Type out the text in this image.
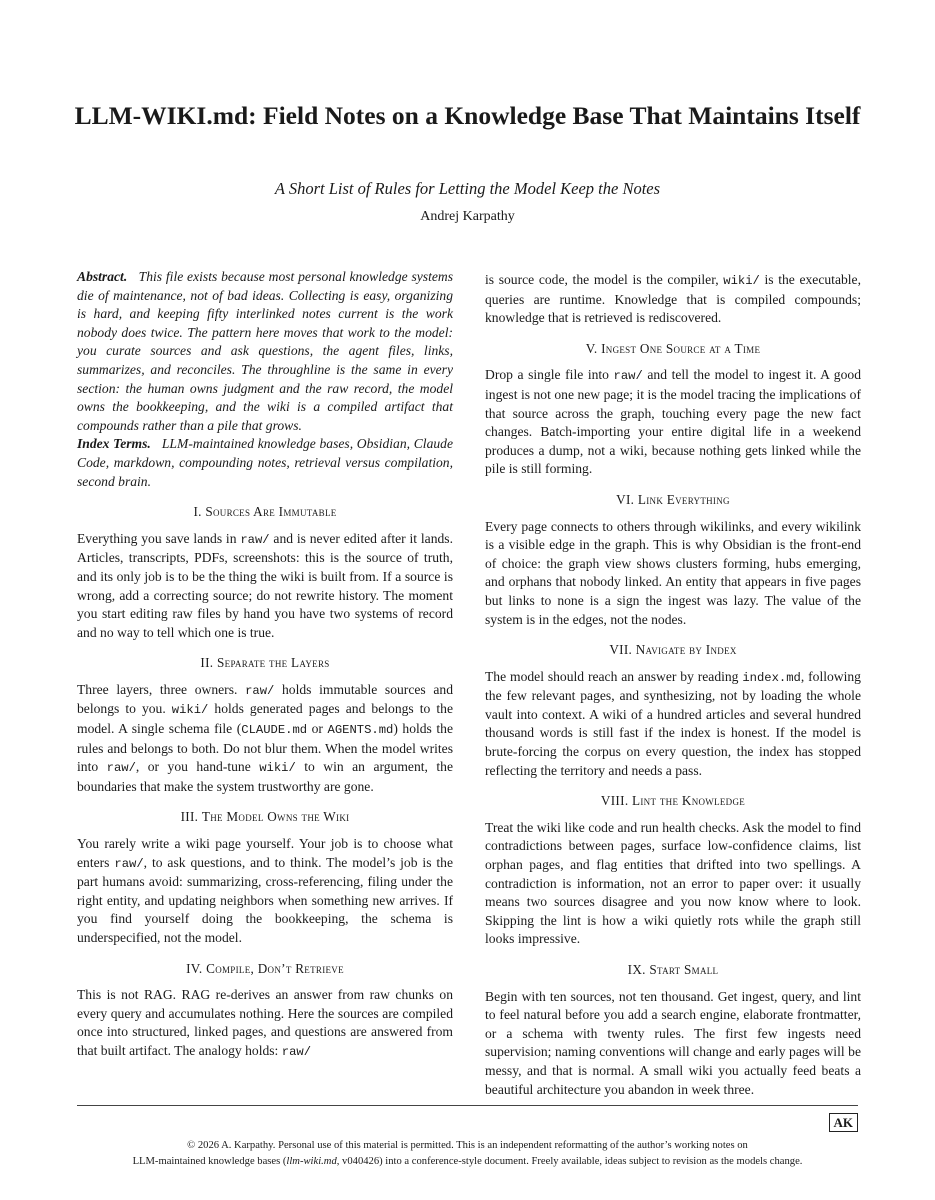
LLM-WIKI.md: Field Notes on a Knowledge Base That Maintains Itself
A Short List of Rules for Letting the Model Keep the Notes
Andrej Karpathy

Abstract. This file exists because most personal knowledge systems die of maintenance, not of bad ideas. Collecting is easy, organizing is hard, and keeping fifty interlinked notes current is the work nobody does twice. The pattern here moves that work to the model: you curate sources and ask questions, the agent files, links, summarizes, and reconciles. The throughline is the same in every section: the human owns judgment and the raw record, the model owns the bookkeeping, and the wiki is a compiled artifact that compounds rather than a pile that grows.

Index Terms. LLM-maintained knowledge bases, Obsidian, Claude Code, markdown, compounding notes, retrieval versus compilation, second brain.

I. Sources Are Immutable

Everything you save lands in raw/ and is never edited after it lands. Articles, transcripts, PDFs, screenshots: this is the source of truth, and its only job is to be the thing the wiki is built from. If a source is wrong, add a correcting source; do not rewrite history. The moment you start editing raw files by hand you have two systems of record and no way to tell which one is true.

II. Separate the Layers

Three layers, three owners. raw/ holds immutable sources and belongs to you. wiki/ holds generated pages and belongs to the model. A single schema file (CLAUDE.md or AGENTS.md) holds the rules and belongs to both. Do not blur them. When the model writes into raw/, or you hand-tune wiki/ to win an argument, the boundaries that make the system trustworthy are gone.

III. The Model Owns the Wiki

You rarely write a wiki page yourself. Your job is to choose what enters raw/, to ask questions, and to think. The model’s job is the part humans avoid: summarizing, cross-referencing, filing under the right entity, and updating neighbors when something new arrives. If you find yourself doing the bookkeeping, the schema is underspecified, not the model.

IV. Compile, Don’t Retrieve

This is not RAG. RAG re-derives an answer from raw chunks on every query and accumulates nothing. Here the sources are compiled once into structured, linked pages, and questions are answered from that built artifact. The analogy holds: raw/

is source code, the model is the compiler, wiki/ is the executable, queries are runtime. Knowledge that is compiled compounds; knowledge that is retrieved is rediscovered.

V. Ingest One Source at a Time

Drop a single file into raw/ and tell the model to ingest it. A good ingest is not one new page; it is the model tracing the implications of that source across the graph, touching every page the new fact changes. Batch-importing your entire digital life in a weekend produces a dump, not a wiki, because nothing gets linked while the pile is still forming.

VI. Link Everything

Every page connects to others through wikilinks, and every wikilink is a visible edge in the graph. This is why Obsidian is the front-end of choice: the graph view shows clusters forming, hubs emerging, and orphans that nobody linked. An entity that appears in five pages but links to none is a sign the ingest was lazy. The value of the system is in the edges, not the nodes.

VII. Navigate by Index

The model should reach an answer by reading index.md, following the few relevant pages, and synthesizing, not by loading the whole vault into context. A wiki of a hundred articles and several hundred thousand words is still fast if the index is honest. If the model is brute-forcing the corpus on every question, the index has stopped reflecting the territory and needs a pass.

VIII. Lint the Knowledge

Treat the wiki like code and run health checks. Ask the model to find contradictions between pages, surface low-confidence claims, list orphan pages, and flag entities that drifted into two spellings. A contradiction is information, not an error to paper over: it usually means two sources disagree and you now know where to look. Skipping the lint is how a wiki quietly rots while the graph still looks impressive.

IX. Start Small

Begin with ten sources, not ten thousand. Get ingest, query, and lint to feel natural before you add a search engine, elaborate frontmatter, or a schema with twenty rules. The first few ingests need supervision; naming conventions will change and early pages will be messy, and that is normal. A small wiki you actually feed beats a beautiful architecture you abandon in week three.

AK
© 2026 A. Karpathy. Personal use of this material is permitted. This is an independent reformatting of the author’s working notes on
LLM-maintained knowledge bases (llm-wiki.md, v040426) into a conference-style document. Freely available, ideas subject to revision as the models change.
